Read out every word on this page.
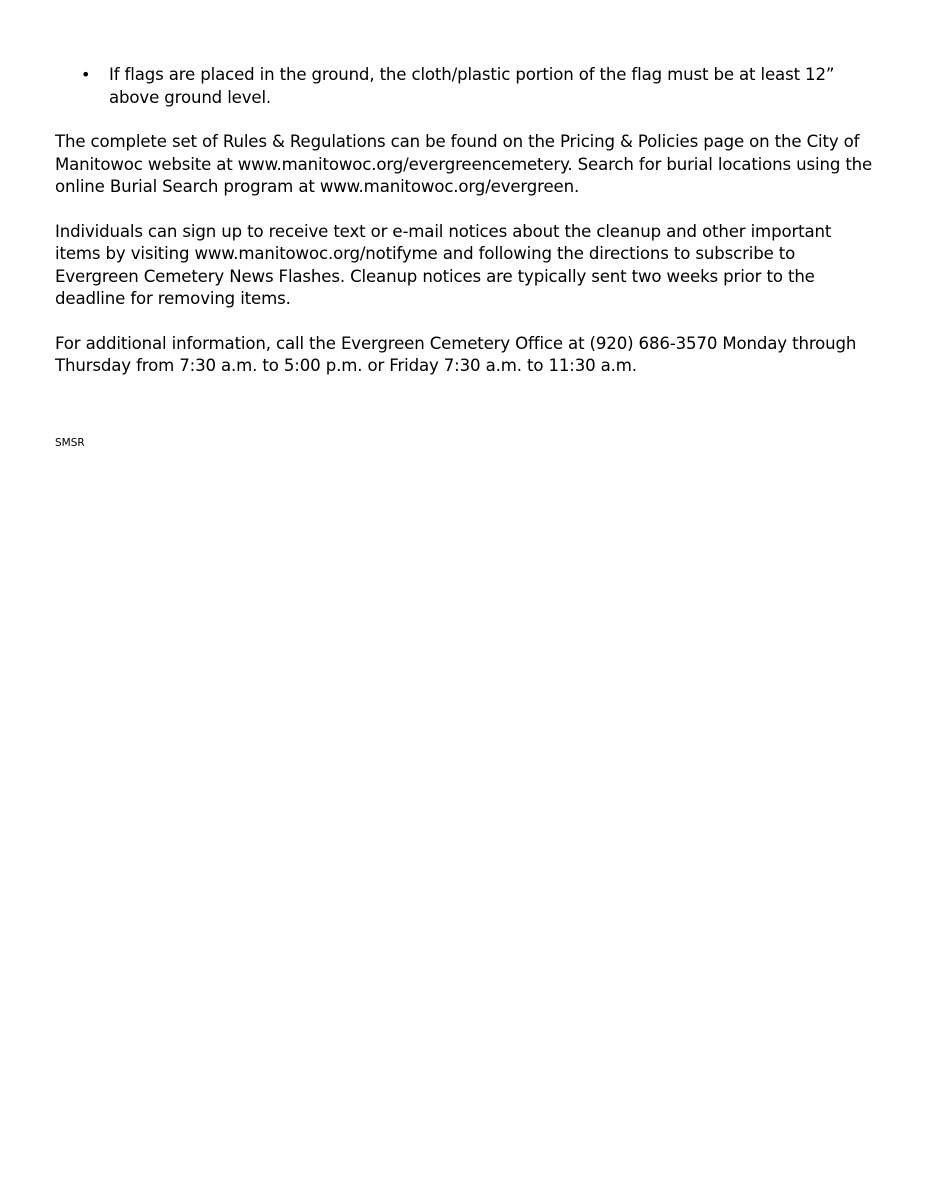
• If flags are placed in the ground, the cloth/plastic portion of the flag must be at least 12” above ground level.

The complete set of Rules & Regulations can be found on the Pricing & Policies page on the City of Manitowoc website at www.manitowoc.org/evergreencemetery. Search for burial locations using the online Burial Search program at www.manitowoc.org/evergreen.

Individuals can sign up to receive text or e-mail notices about the cleanup and other important items by visiting www.manitowoc.org/notifyme and following the directions to subscribe to Evergreen Cemetery News Flashes. Cleanup notices are typically sent two weeks prior to the deadline for removing items.

For additional information, call the Evergreen Cemetery Office at (920) 686-3570 Monday through Thursday from 7:30 a.m. to 5:00 p.m. or Friday 7:30 a.m. to 11:30 a.m.

SMSR
